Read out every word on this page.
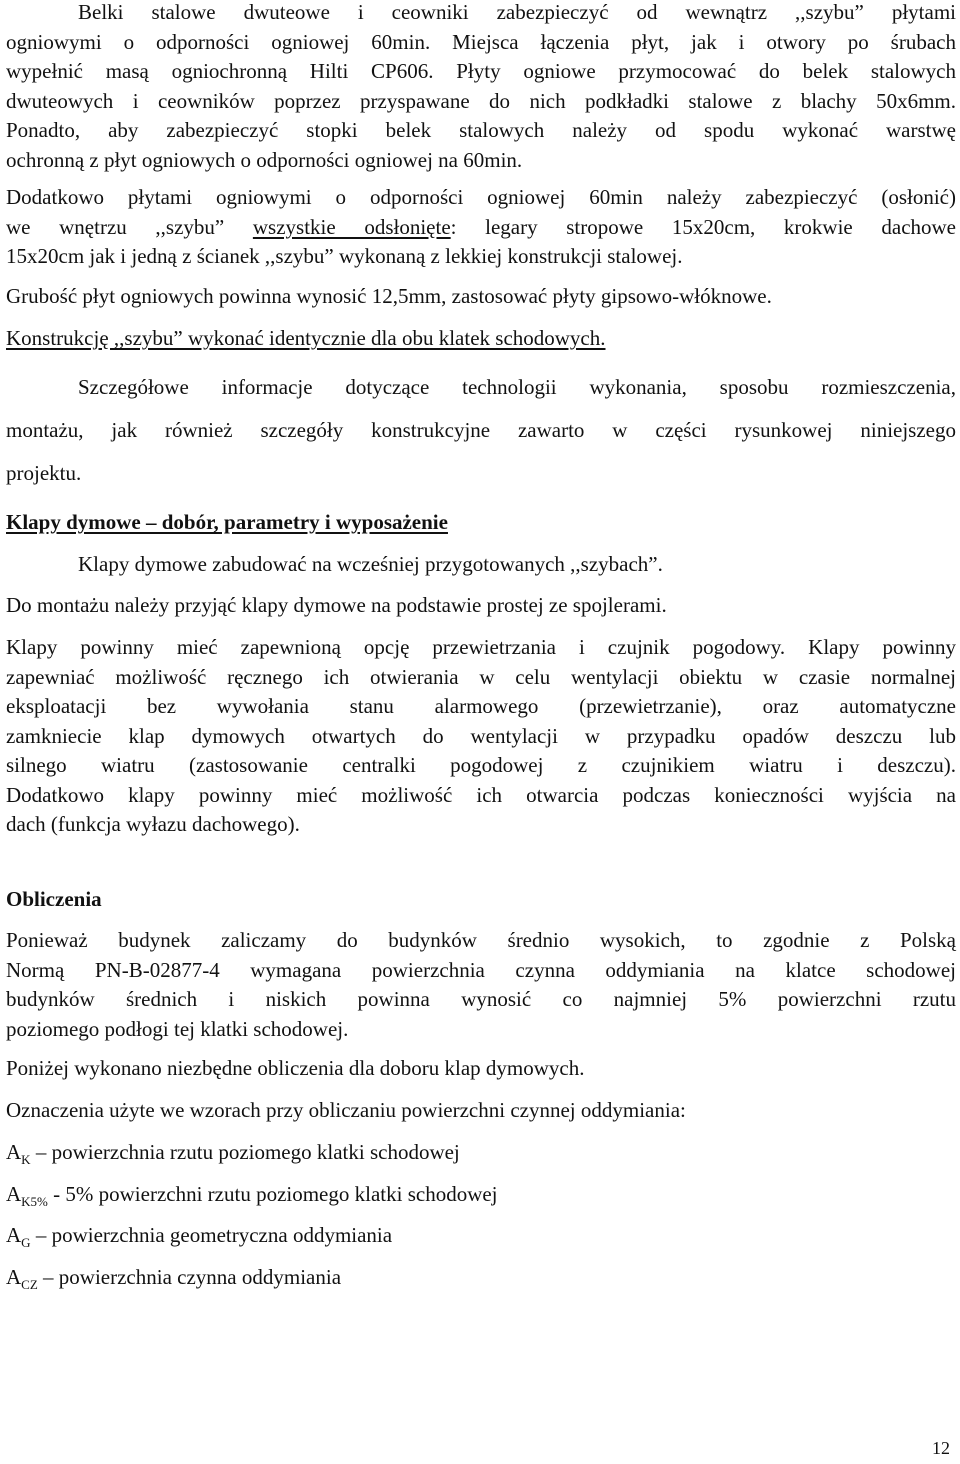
Belki stalowe dwuteowe i ceowniki zabezpieczyć od wewnątrz ,,szybu” płytami
ogniowymi o odporności ogniowej 60min. Miejsca łączenia płyt, jak i otwory po śrubach
wypełnić masą ogniochronną Hilti CP606. Płyty ogniowe przymocować do belek stalowych
dwuteowych i ceowników poprzez przyspawane do nich podkładki stalowe z blachy 50x6mm.
Ponadto, aby zabezpieczyć stopki belek stalowych należy od spodu wykonać warstwę
ochronną z płyt ogniowych o odporności ogniowej na 60min.
Dodatkowo płytami ogniowymi o odporności ogniowej 60min należy zabezpieczyć (osłonić)
we wnętrzu ,,szybu” wszystkie odsłonięte: legary stropowe 15x20cm, krokwie dachowe
15x20cm jak i jedną z ścianek ,,szybu” wykonaną z lekkiej konstrukcji stalowej.
Grubość płyt ogniowych powinna wynosić 12,5mm, zastosować płyty gipsowo-włóknowe.
Konstrukcję ,,szybu” wykonać identycznie dla obu klatek schodowych.
Szczegółowe informacje dotyczące technologii wykonania, sposobu rozmieszczenia,
montażu, jak również szczegóły konstrukcyjne zawarto w części rysunkowej niniejszego
projektu.
Klapy dymowe – dobór, parametry i wyposażenie
Klapy dymowe zabudować na wcześniej przygotowanych ,,szybach”.
Do montażu należy przyjąć klapy dymowe na podstawie prostej ze spojlerami.
Klapy powinny mieć zapewnioną opcję przewietrzania i czujnik pogodowy. Klapy powinny
zapewniać możliwość ręcznego ich otwierania w celu wentylacji obiektu w czasie normalnej
eksploatacji bez wywołania stanu alarmowego (przewietrzanie), oraz automatyczne
zamkniecie klap dymowych otwartych do wentylacji w przypadku opadów deszczu lub
silnego wiatru (zastosowanie centralki pogodowej z czujnikiem wiatru i deszczu).
Dodatkowo klapy powinny mieć możliwość ich otwarcia podczas konieczności wyjścia na
dach (funkcja wyłazu dachowego).
Obliczenia
Ponieważ budynek zaliczamy do budynków średnio wysokich, to zgodnie z Polską
Normą PN-B-02877-4 wymagana powierzchnia czynna oddymiania na klatce schodowej
budynków średnich i niskich powinna wynosić co najmniej 5% powierzchni rzutu
poziomego podłogi tej klatki schodowej.
Poniżej wykonano niezbędne obliczenia dla doboru klap dymowych.
Oznaczenia użyte we wzorach przy obliczaniu powierzchni czynnej oddymiania:
$A_K$ – powierzchnia rzutu poziomego klatki schodowej
$A_{K5\%} - 5\%$ powierzchni rzutu poziomego klatki schodowej
$A_G$ – powierzchnia geometryczna oddymiania
$A_{CZ}$ – powierzchnia czynna oddymiania
12
